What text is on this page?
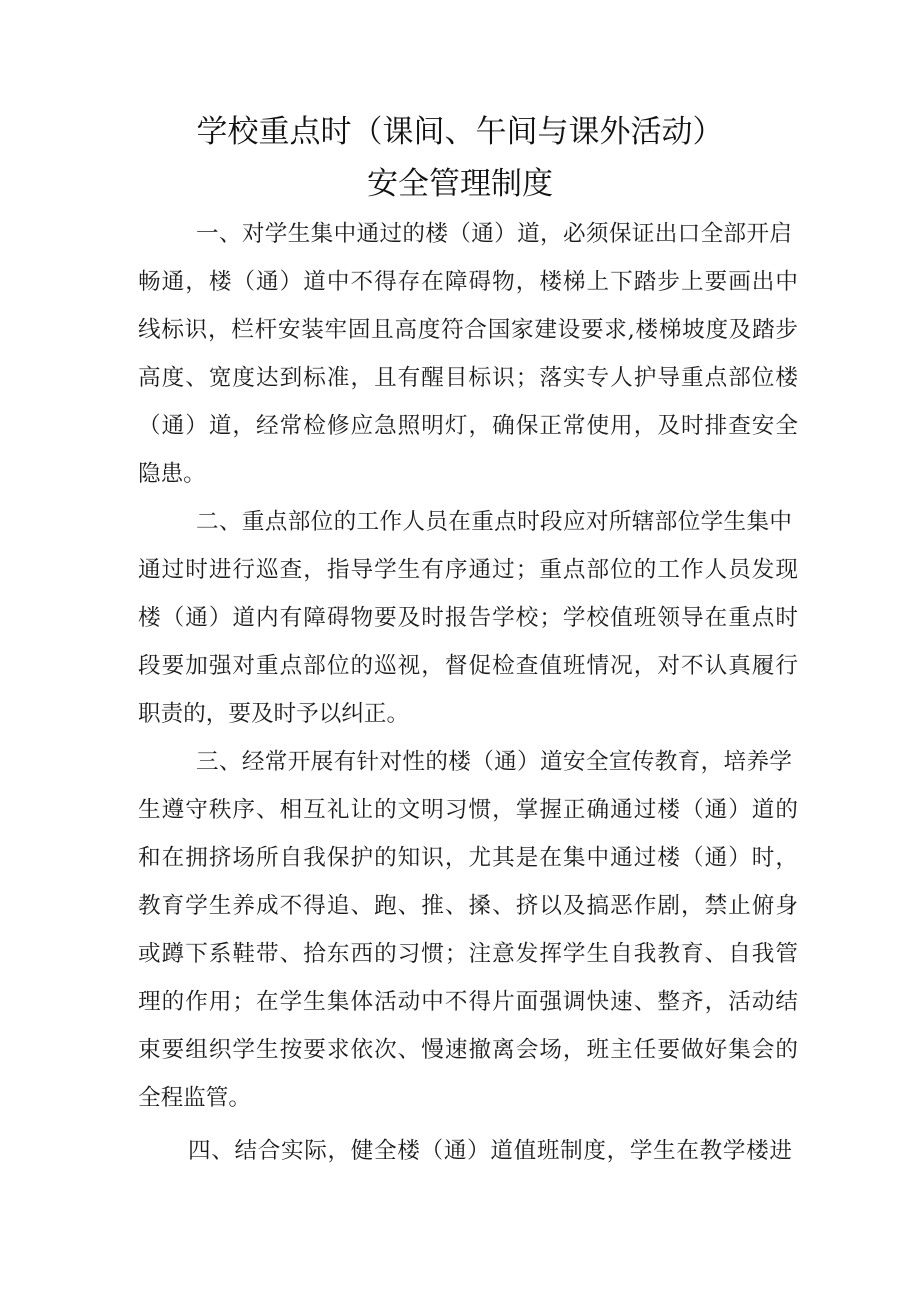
学校重点时（课间、午间与课外活动）
安全管理制度
一、对学生集中通过的楼（通）道，必须保证出口全部开启
畅通，楼（通）道中不得存在障碍物，楼梯上下踏步上要画出中
线标识，栏杆安装牢固且高度符合国家建设要求,楼梯坡度及踏步
高度、宽度达到标准，且有醒目标识；落实专人护导重点部位楼
（通）道，经常检修应急照明灯，确保正常使用，及时排查安全
隐患。
二、重点部位的工作人员在重点时段应对所辖部位学生集中
通过时进行巡查，指导学生有序通过；重点部位的工作人员发现
楼（通）道内有障碍物要及时报告学校；学校值班领导在重点时
段要加强对重点部位的巡视，督促检查值班情况，对不认真履行
职责的，要及时予以纠正。
三、经常开展有针对性的楼（通）道安全宣传教育，培养学
生遵守秩序、相互礼让的文明习惯，掌握正确通过楼（通）道的
和在拥挤场所自我保护的知识，尤其是在集中通过楼（通）时，
教育学生养成不得追、跑、推、搡、挤以及搞恶作剧，禁止俯身
或蹲下系鞋带、拾东西的习惯；注意发挥学生自我教育、自我管
理的作用；在学生集体活动中不得片面强调快速、整齐，活动结
束要组织学生按要求依次、慢速撤离会场，班主任要做好集会的
全程监管。
四、结合实际，健全楼（通）道值班制度，学生在教学楼进
